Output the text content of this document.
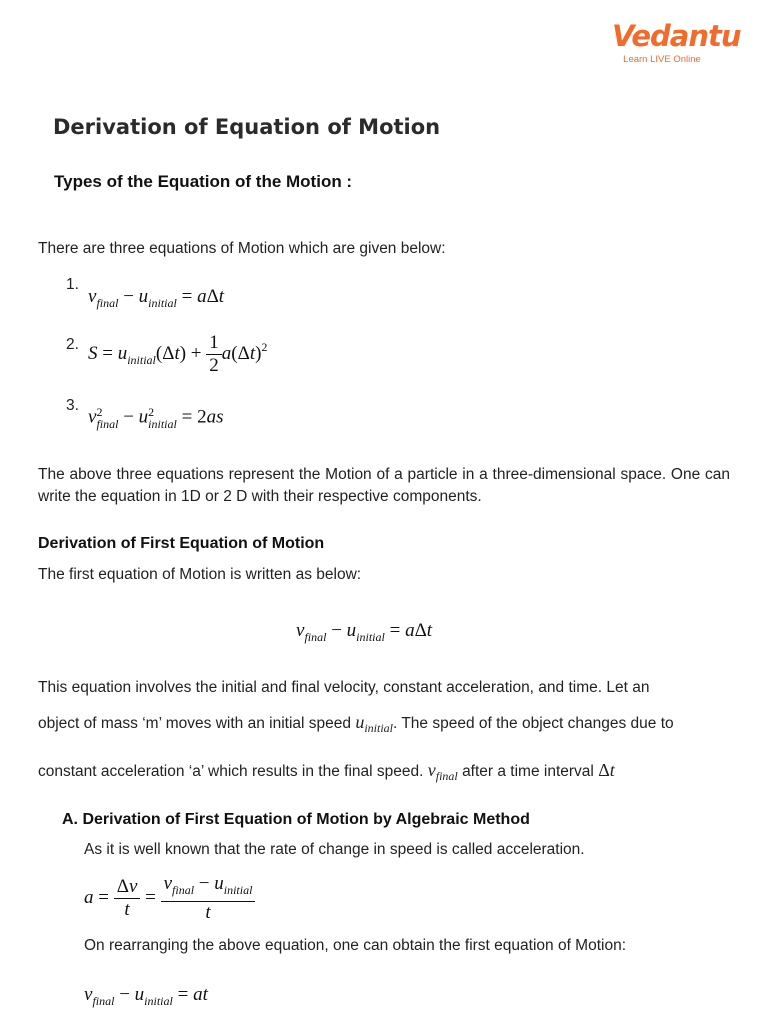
Vedantu
Learn LIVE Online
Derivation of Equation of Motion
Types of the Equation of the Motion :
There are three equations of Motion which are given below:
1.
$v_{final} - u_{initial} = a\Delta t$
2. $S = u_{initial}(\Delta t) + \frac{1}{2} a(\Delta t)^2$
3.
v 2
final − u 2
initial = 2as
The above three equations represent the Motion of a particle in a three-dimensional space. One can write the equation in 1D or 2 D with their respective components.
Derivation of First Equation of Motion
The first equation of Motion is written as below:
$v_{final} - u_{initial} = a\Delta t$
This equation involves the initial and final velocity, constant acceleration, and time. Let an
object of mass ‘m’ moves with an initial speed $u_{initial}$. The speed of the object changes due to
constant acceleration ‘a’ which results in the final speed. $v_{final}$ after a time interval Δt
A. Derivation of First Equation of Motion by Algebraic Method
As it is well known that the rate of change in speed is called acceleration.
$a = \frac{\Delta v}{t} = \frac{v_{final} - u_{initial}}{t}$
On rearranging the above equation, one can obtain the first equation of Motion:
$v_{final} - u_{initial}$ = at
